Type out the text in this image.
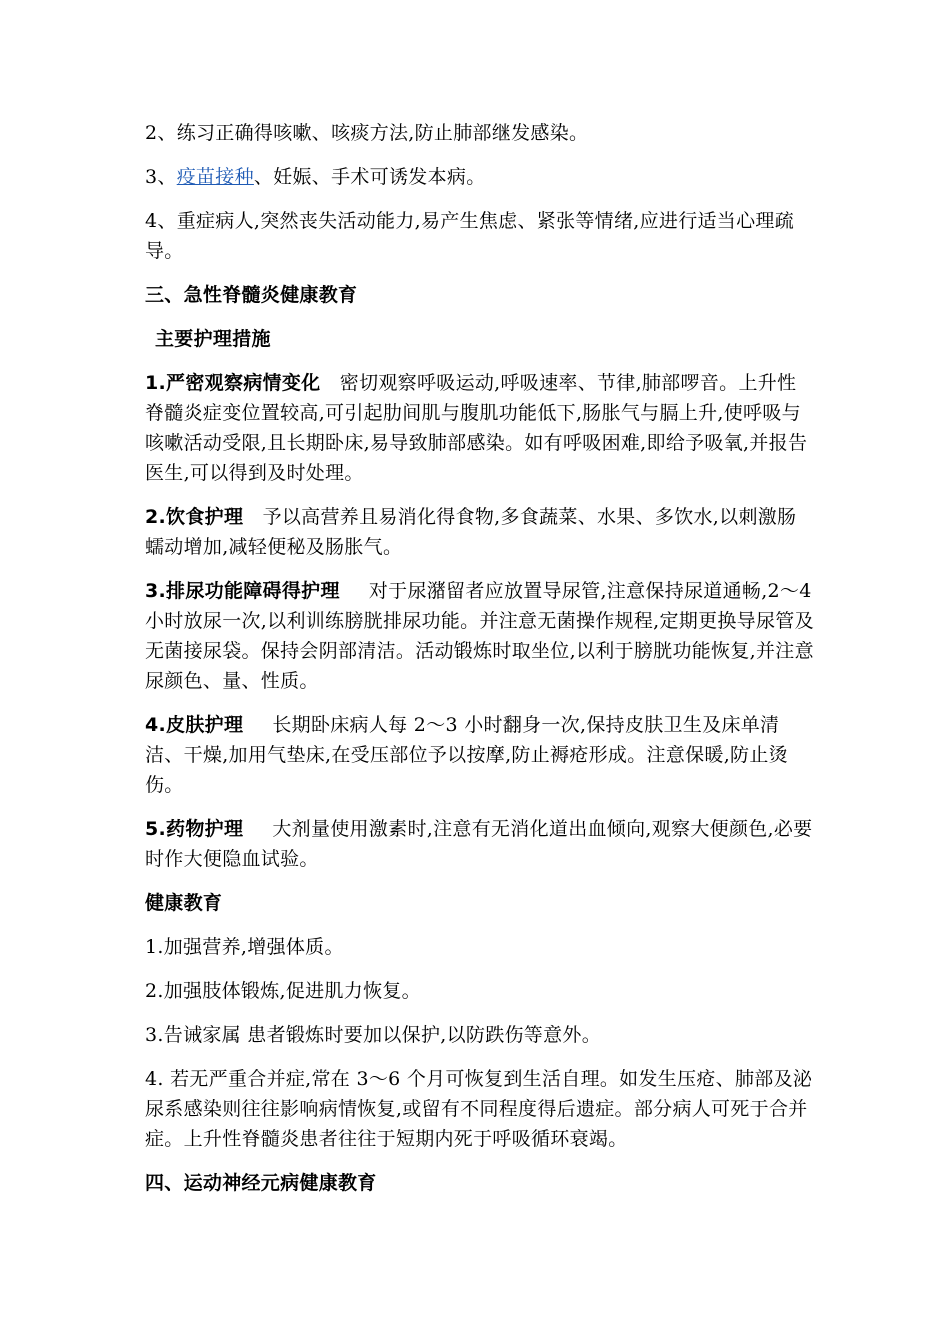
2、练习正确得咳嗽、咳痰方法,防止肺部继发感染。

3、疫苗接种、妊娠、手术可诱发本病。

4、重症病人,突然丧失活动能力,易产生焦虑、紧张等情绪,应进行适当心理疏导。

三、急性脊髓炎健康教育

主要护理措施

1.严密观察病情变化  密切观察呼吸运动,呼吸速率、节律,肺部啰音。上升性脊髓炎症变位置较高,可引起肋间肌与腹肌功能低下,肠胀气与膈上升,使呼吸与咳嗽活动受限,且长期卧床,易导致肺部感染。如有呼吸困难,即给予吸氧,并报告医生,可以得到及时处理。

2.饮食护理  予以高营养且易消化得食物,多食蔬菜、水果、多饮水,以刺激肠蠕动增加,减轻便秘及肠胀气。

3.排尿功能障碍得护理   对于尿潴留者应放置导尿管,注意保持尿道通畅,2～4 小时放尿一次,以利训练膀胱排尿功能。并注意无菌操作规程,定期更换导尿管及无菌接尿袋。保持会阴部清洁。活动锻炼时取坐位,以利于膀胱功能恢复,并注意尿颜色、量、性质。

4.皮肤护理   长期卧床病人每 2～3 小时翻身一次,保持皮肤卫生及床单清洁、干燥,加用气垫床,在受压部位予以按摩,防止褥疮形成。注意保暖,防止烫伤。

5.药物护理   大剂量使用激素时,注意有无消化道出血倾向,观察大便颜色,必要时作大便隐血试验。

健康教育

1.加强营养,增强体质。

2.加强肢体锻炼,促进肌力恢复。

3.告诫家属 患者锻炼时要加以保护,以防跌伤等意外。

4. 若无严重合并症,常在 3～6 个月可恢复到生活自理。如发生压疮、肺部及泌尿系感染则往往影响病情恢复,或留有不同程度得后遗症。部分病人可死于合并症。上升性脊髓炎患者往往于短期内死于呼吸循环衰竭。

四、运动神经元病健康教育
